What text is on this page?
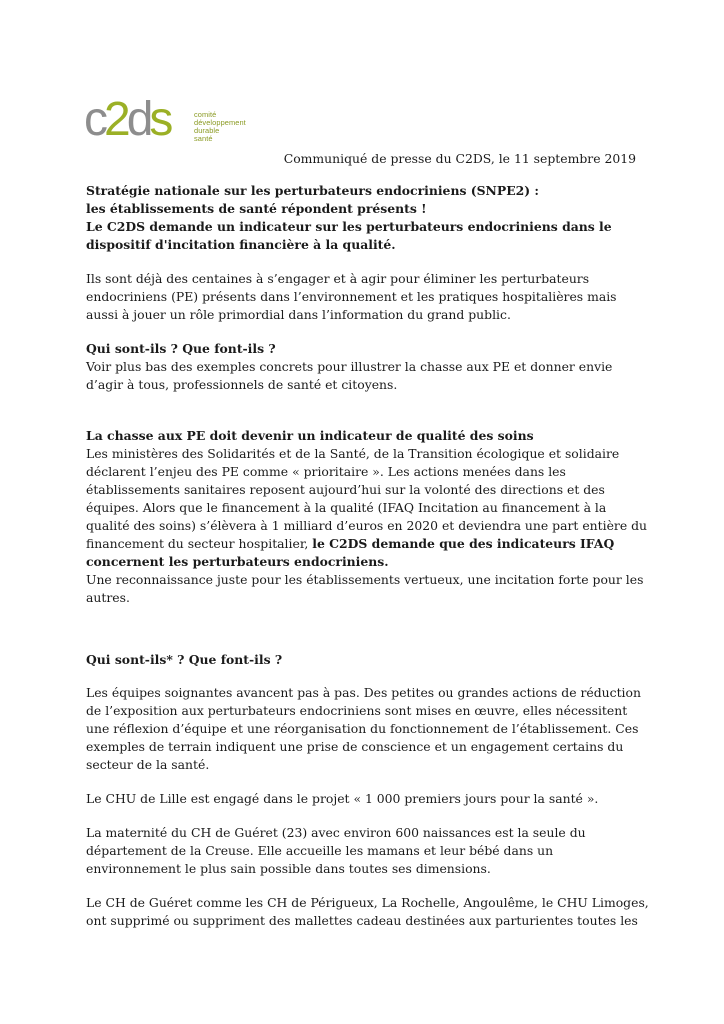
c2ds	comité
développement
durable
santé
Communiqué de presse du C2DS, le 11 septembre 2019
Stratégie nationale sur les perturbateurs endocriniens (SNPE2) :
les établissements de santé répondent présents !
Le C2DS demande un indicateur sur les perturbateurs endocriniens dans le
dispositif d'incitation financière à la qualité.
Ils sont déjà des centaines à s’engager et à agir pour éliminer les perturbateurs
endocriniens (PE) présents dans l’environnement et les pratiques hospitalières mais
aussi à jouer un rôle primordial dans l’information du grand public.
Qui sont-ils ? Que font-ils ?
Voir plus bas des exemples concrets pour illustrer la chasse aux PE et donner envie
d’agir à tous, professionnels de santé et citoyens.
La chasse aux PE doit devenir un indicateur de qualité des soins
Les ministères des Solidarités et de la Santé, de la Transition écologique et solidaire
déclarent l’enjeu des PE comme « prioritaire ». Les actions menées dans les
établissements sanitaires reposent aujourd’hui sur la volonté des directions et des
équipes. Alors que le financement à la qualité (IFAQ Incitation au financement à la
qualité des soins) s’élèvera à 1 milliard d’euros en 2020 et deviendra une part entière du
financement du secteur hospitalier, le C2DS demande que des indicateurs IFAQ
concernent les perturbateurs endocriniens.
Une reconnaissance juste pour les établissements vertueux, une incitation forte pour les
autres.
Qui sont-ils* ? Que font-ils ?
Les équipes soignantes avancent pas à pas. Des petites ou grandes actions de réduction
de l’exposition aux perturbateurs endocriniens sont mises en œuvre, elles nécessitent
une réflexion d’équipe et une réorganisation du fonctionnement de l’établissement. Ces
exemples de terrain indiquent une prise de conscience et un engagement certains du
secteur de la santé.
Le CHU de Lille est engagé dans le projet « 1 000 premiers jours pour la santé ».
La maternité du CH de Guéret (23) avec environ 600 naissances est la seule du
département de la Creuse. Elle accueille les mamans et leur bébé dans un
environnement le plus sain possible dans toutes ses dimensions.
Le CH de Guéret comme les CH de Périgueux, La Rochelle, Angoulême, le CHU Limoges,
ont supprimé ou suppriment des mallettes cadeau destinées aux parturientes toutes les
